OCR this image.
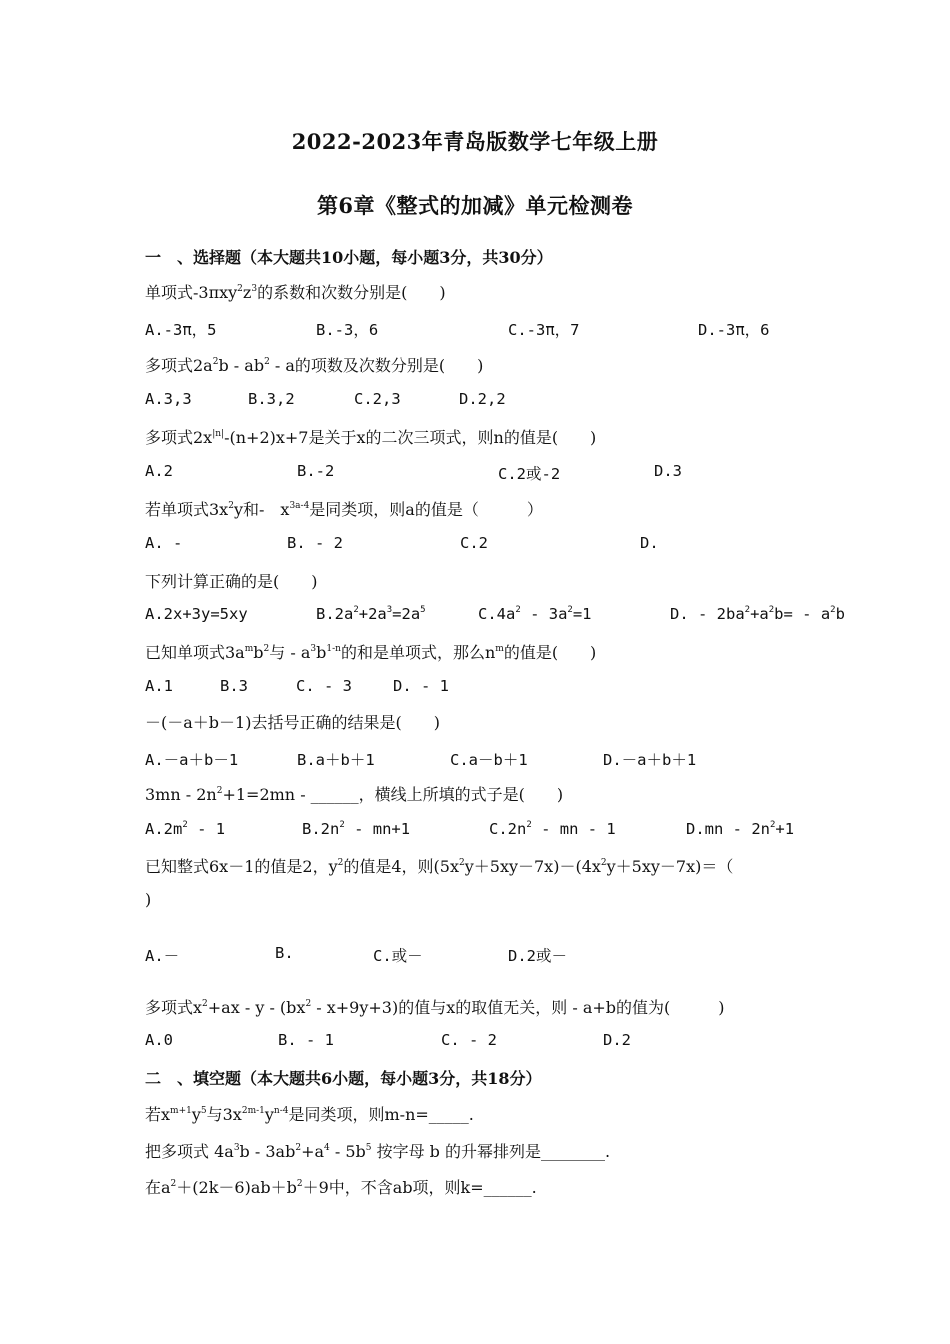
2022-2023年青岛版数学七年级上册
第6章《整式的加减》单元检测卷
一　、选择题（本大题共10小题，每小题3分，共30分）
单项式$-3\pi xy^2z^3$的系数和次数分别是(　　)
A.-3π，5	B.-3，6	C.-3π，7	D.-3π，6
多项式$2a^2b - ab^2$ - a的项数及次数分别是(　　)
A.3,3	B.3,2	C.2,3	D.2,2
多项式$2x^{|n|}-(n+2)x+7$是关于x的二次三项式，则n的值是(　　)
A.2	B.-2	C.2或-2	D.3
若单项式$3x^2y$和-　$x^{3a-4}$是同类项，则a的值是（　　　）
A. -	B. - 2	C.2	D.
下列计算正确的是(　　)
A.2x+3y=5xy	$B.2a^2+2a^3=2a^5$	$C.4a^2 - 3a^2=1$	D. - $2ba^2+a^2b= - a^2b$
已知单项式$3a^mb^2$与 - $a^3b^{1-n}$的和是单项式，那么$n^m$的值是(　　)
A.1	B.3	C. - 3	D. - 1
－(－a＋b－1)去括号正确的结果是(　　)
A.－a＋b－1	B.a＋b＋1	C.a－b＋1	D.－a＋b＋1
$3mn - 2n^2+1=2mn$ - ______，横线上所填的式子是(　　)
$A.2m^2 - 1$	$B.2n^2 - mn+1$	$C.2n^2$ - mn - 1	$D.mn - 2n^2+1$
已知整式6x－1的值是2，$y^2$的值是4，则$(5x^2y+5xy-7x)-(4x^2y+5xy-7x)=$（
)
A.－	B.	C.或－	D.2或－
多项式$x^2+ax - y - (bx^2 - x+9y+3)$的值与x的取值无关，则 - a+b的值为(　　　)
A.0	B. - 1	C. - 2	D.2
二　、填空题（本大题共6小题，每小题3分，共18分）
若$x^{m+1}y^5$与$3x^{2m-1}y^{n-4}$是同类项，则m-n=_____.
把多项式 $4a^3b - 3ab^2+a^4 - 5b^5$ 按字母 b 的升幂排列是________.
在$a^2+(2k-6)ab+b^2+9$中，不含ab项，则k=______.
